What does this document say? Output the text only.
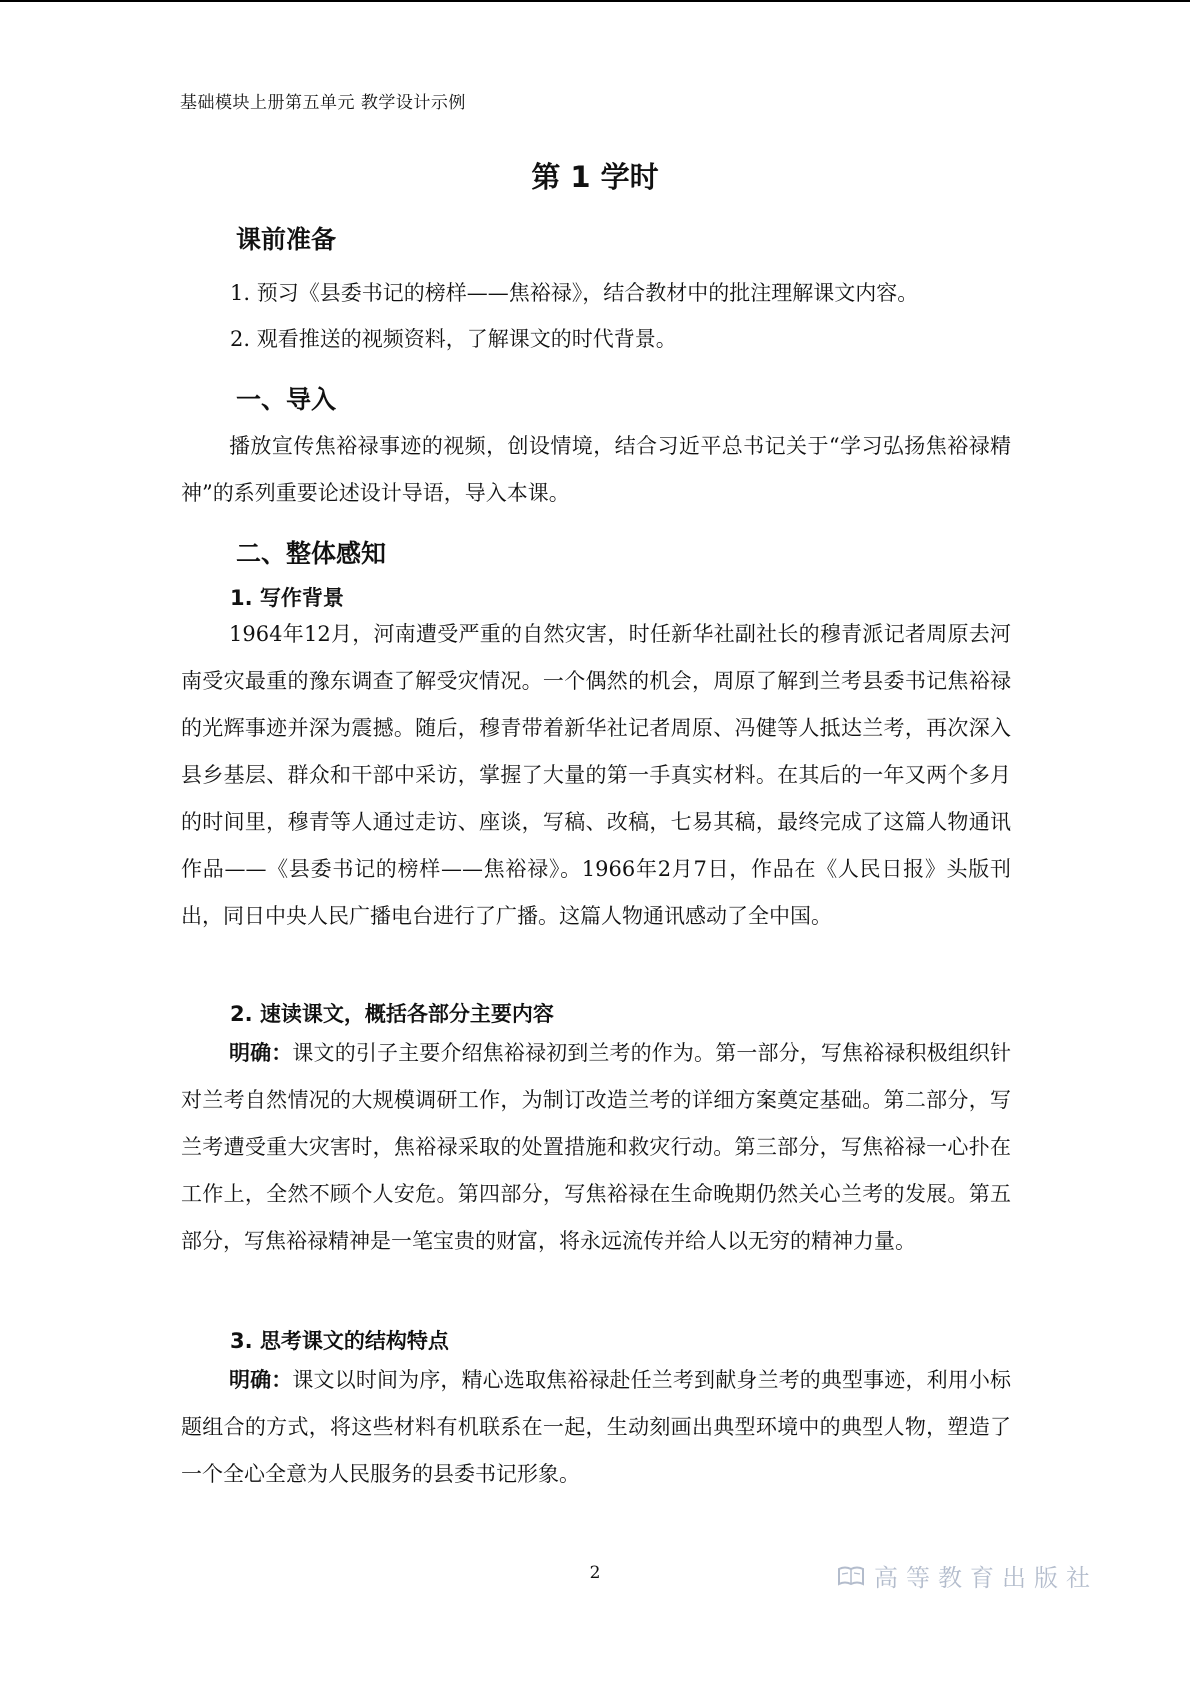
基础模块上册第五单元 教学设计示例
第 1 学时
课前准备
1. 预习《县委书记的榜样——焦裕禄》，结合教材中的批注理解课文内容。
2. 观看推送的视频资料，了解课文的时代背景。
一、导入
播放宣传焦裕禄事迹的视频，创设情境，结合习近平总书记关于“学习弘扬焦裕禄精神”的系列重要论述设计导语，导入本课。
二、整体感知
1. 写作背景
1964年12月，河南遭受严重的自然灾害，时任新华社副社长的穆青派记者周原去河南受灾最重的豫东调查了解受灾情况。一个偶然的机会，周原了解到兰考县委书记焦裕禄的光辉事迹并深为震撼。随后，穆青带着新华社记者周原、冯健等人抵达兰考，再次深入县乡基层、群众和干部中采访，掌握了大量的第一手真实材料。在其后的一年又两个多月的时间里，穆青等人通过走访、座谈，写稿、改稿，七易其稿，最终完成了这篇人物通讯作品——《县委书记的榜样——焦裕禄》。1966年2月7日，作品在《人民日报》头版刊出，同日中央人民广播电台进行了广播。这篇人物通讯感动了全中国。
2. 速读课文，概括各部分主要内容
明确：课文的引子主要介绍焦裕禄初到兰考的作为。第一部分，写焦裕禄积极组织针对兰考自然情况的大规模调研工作，为制订改造兰考的详细方案奠定基础。第二部分，写兰考遭受重大灾害时，焦裕禄采取的处置措施和救灾行动。第三部分，写焦裕禄一心扑在工作上，全然不顾个人安危。第四部分，写焦裕禄在生命晚期仍然关心兰考的发展。第五部分，写焦裕禄精神是一笔宝贵的财富，将永远流传并给人以无穷的精神力量。
3. 思考课文的结构特点
明确：课文以时间为序，精心选取焦裕禄赴任兰考到献身兰考的典型事迹，利用小标题组合的方式，将这些材料有机联系在一起，生动刻画出典型环境中的典型人物，塑造了一个全心全意为人民服务的县委书记形象。
2	高等教育出版社
